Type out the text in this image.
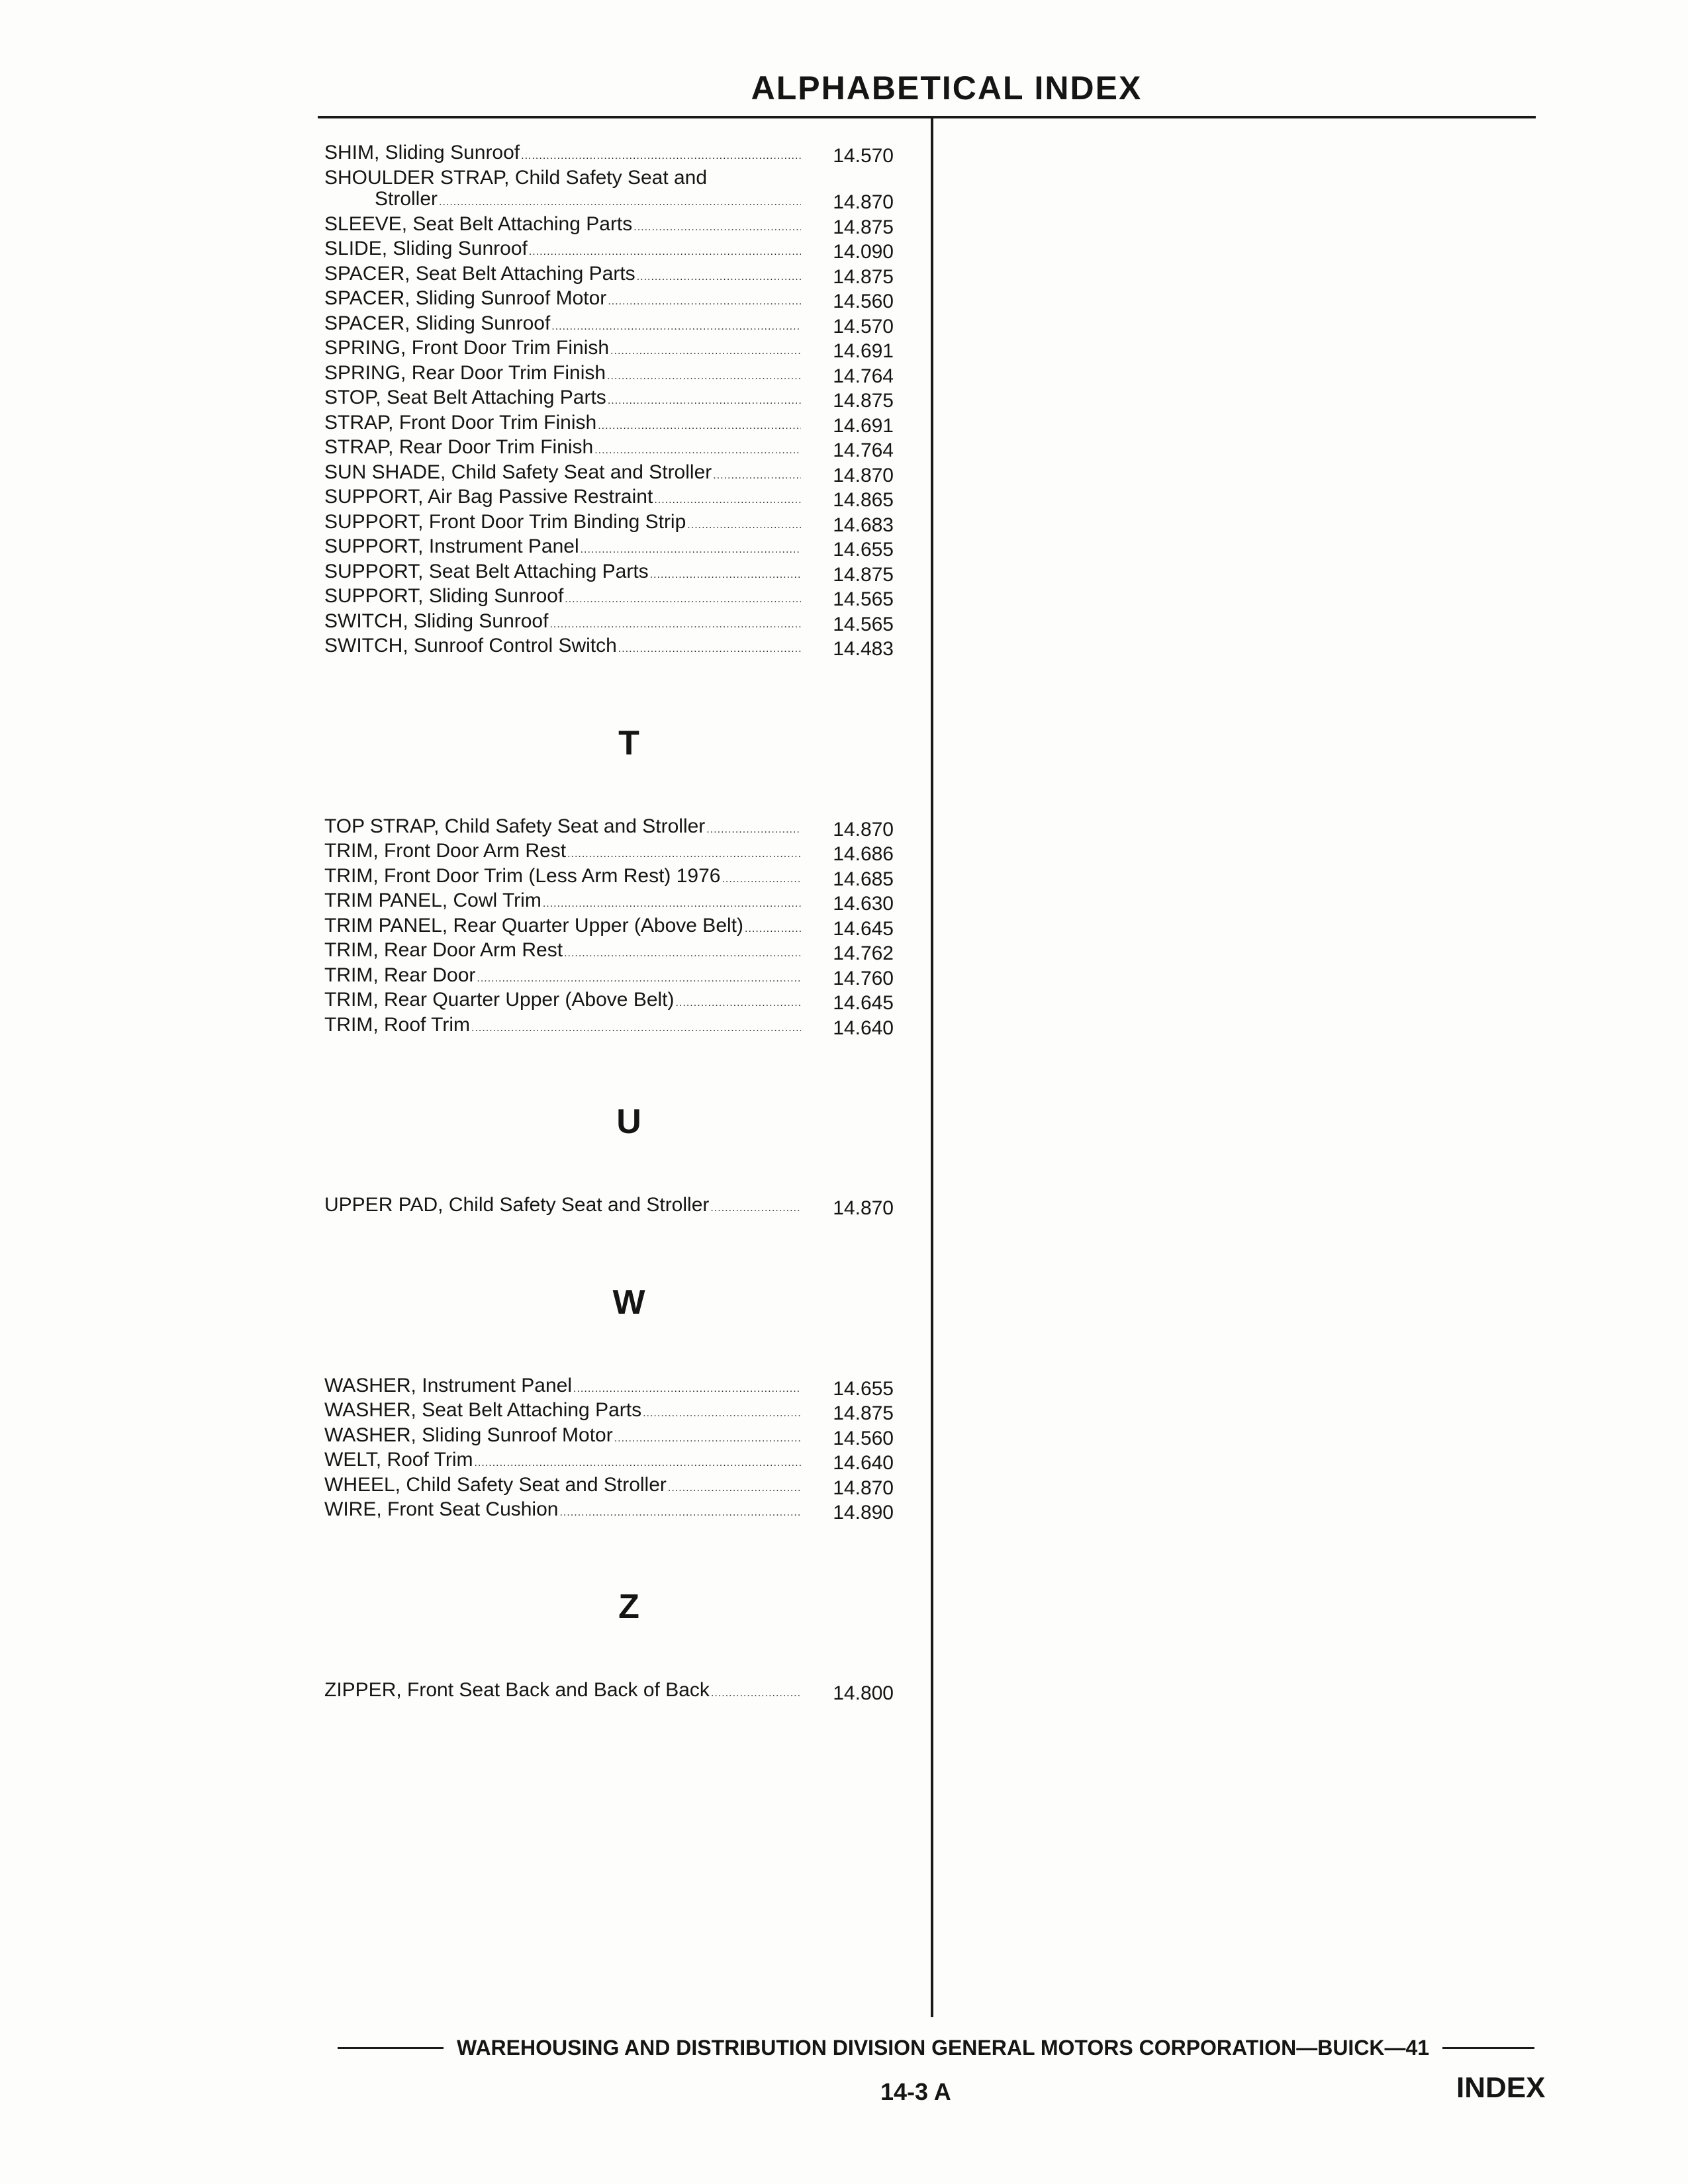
ALPHABETICAL INDEX
SHIM, Sliding Sunroof .....	14.570
SHOULDER STRAP, Child Safety Seat and
Stroller .....	14.870
SLEEVE, Seat Belt Attaching Parts .....	14.875
SLIDE, Sliding Sunroof .....	14.090
SPACER, Seat Belt Attaching Parts .....	14.875
SPACER, Sliding Sunroof Motor .....	14.560
SPACER, Sliding Sunroof .....	14.570
SPRING, Front Door Trim Finish .....	14.691
SPRING, Rear Door Trim Finish .....	14.764
STOP, Seat Belt Attaching Parts .....	14.875
STRAP, Front Door Trim Finish .....	14.691
STRAP, Rear Door Trim Finish .....	14.764
SUN SHADE, Child Safety Seat and Stroller .....	14.870
SUPPORT, Air Bag Passive Restraint .....	14.865
SUPPORT, Front Door Trim Binding Strip .....	14.683
SUPPORT, Instrument Panel .....	14.655
SUPPORT, Seat Belt Attaching Parts .....	14.875
SUPPORT, Sliding Sunroof .....	14.565
SWITCH, Sliding Sunroof .....	14.565
SWITCH, Sunroof Control Switch .....	14.483
T
TOP STRAP, Child Safety Seat and Stroller .....	14.870
TRIM, Front Door Arm Rest .....	14.686
TRIM, Front Door Trim (Less Arm Rest) 1976 .....	14.685
TRIM PANEL, Cowl Trim .....	14.630
TRIM PANEL, Rear Quarter Upper (Above Belt) .....	14.645
TRIM, Rear Door Arm Rest .....	14.762
TRIM, Rear Door .....	14.760
TRIM, Rear Quarter Upper (Above Belt) .....	14.645
TRIM, Roof Trim .....	14.640
U
UPPER PAD, Child Safety Seat and Stroller .....	14.870
W
WASHER, Instrument Panel .....	14.655
WASHER, Seat Belt Attaching Parts .....	14.875
WASHER, Sliding Sunroof Motor .....	14.560
WELT, Roof Trim .....	14.640
WHEEL, Child Safety Seat and Stroller .....	14.870
WIRE, Front Seat Cushion .....	14.890
Z
ZIPPER, Front Seat Back and Back of Back .....	14.800
WAREHOUSING AND DISTRIBUTION DIVISION GENERAL MOTORS CORPORATION—BUICK—41
14-3 A	INDEX
